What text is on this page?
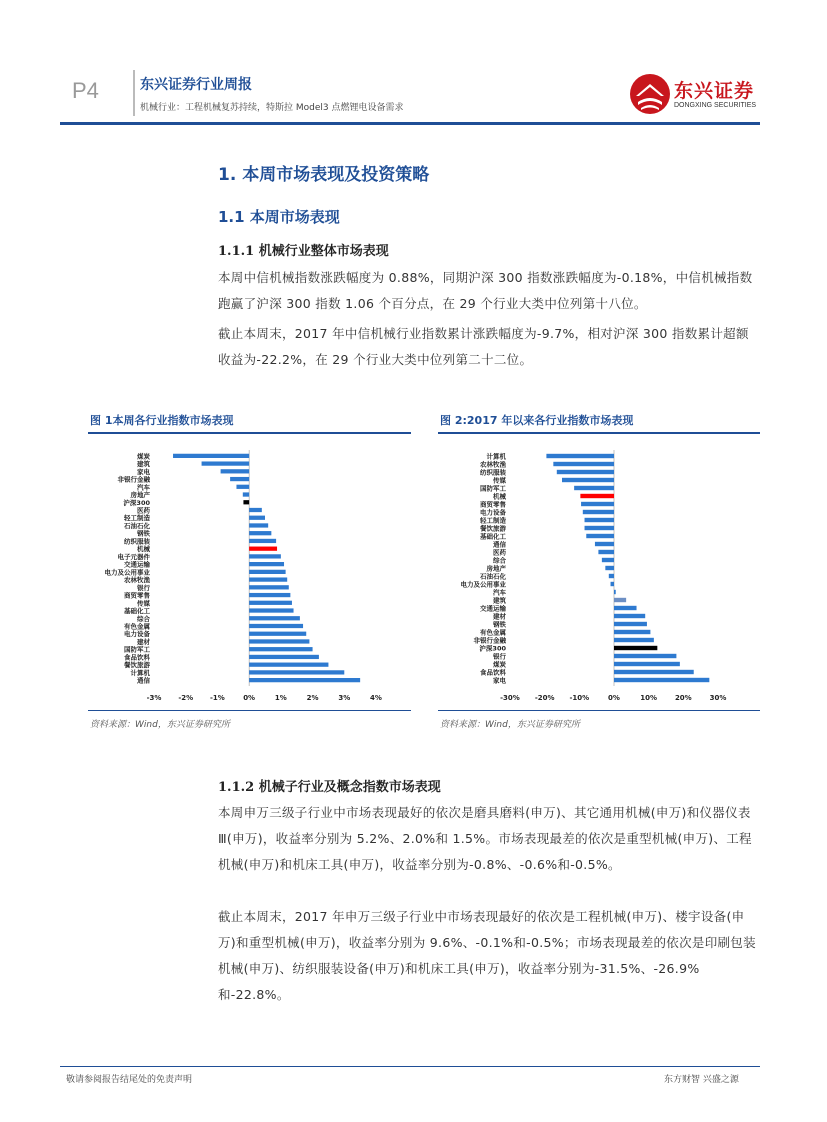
P4	东兴证券行业周报
机械行业：工程机械复苏持续，特斯拉 Model3 点燃锂电设备需求
东兴证券
DONGXING SECURITIES
1. 本周市场表现及投资策略
1.1 本周市场表现
1.1.1 机械行业整体市场表现
本周中信机械指数涨跌幅度为 0.88%，同期沪深 300 指数涨跌幅度为-0.18%，中信机械指数跑赢了沪深 300 指数 1.06 个百分点，在 29 个行业大类中位列第十八位。
截止本周末，2017 年中信机械行业指数累计涨跌幅度为-9.7%，相对沪深 300 指数累计超额收益为-22.2%，在 29 个行业大类中位列第二十二位。
图 1本周各行业指数市场表现
煤炭
建筑
家电
非银行金融
汽车
房地产
沪深300
医药
轻工制造
石油石化
钢铁
纺织服装
机械
电子元器件
交通运输
电力及公用事业
农林牧渔
银行
商贸零售
传媒
基础化工
综合
有色金属
电力设备
建材
国防军工
食品饮料
餐饮旅游
计算机
通信
-3% -2% -1%	0%	1%	2%	3%	4%
资料来源：Wind，东兴证券研究所
图 2:2017 年以来各行业指数市场表现
计算机
农林牧渔
纺织服装
传媒
国防军工
机械
商贸零售
电力设备
轻工制造
餐饮旅游
基础化工
通信
医药
综合
房地产
石油石化
电力及公用事业
汽车
建筑
交通运输
建材
钢铁
有色金属
非银行金融
沪深300
银行
煤炭
食品饮料
家电
-30% -20% -10%	0%	10%	20%	30%
资料来源：Wind，东兴证券研究所
1.1.2 机械子行业及概念指数市场表现
本周申万三级子行业中市场表现最好的依次是磨具磨料(申万)、其它通用机械(申万)和仪器仪表Ⅲ(申万)，收益率分别为 5.2%、2.0%和 1.5%。市场表现最差的依次是重型机械(申万)、工程机械(申万)和机床工具(申万)，收益率分别为-0.8%、-0.6%和-0.5%。
截止本周末，2017 年申万三级子行业中市场表现最好的依次是工程机械(申万)、楼宇设备(申万)和重型机械(申万)，收益率分别为 9.6%、-0.1%和-0.5%；市场表现最差的依次是印刷包装机械(申万)、纺织服装设备(申万)和机床工具(申万)，收益率分别为-31.5%、-26.9%和-22.8%。
敬请参阅报告结尾处的免责声明	东方财智 兴盛之源
